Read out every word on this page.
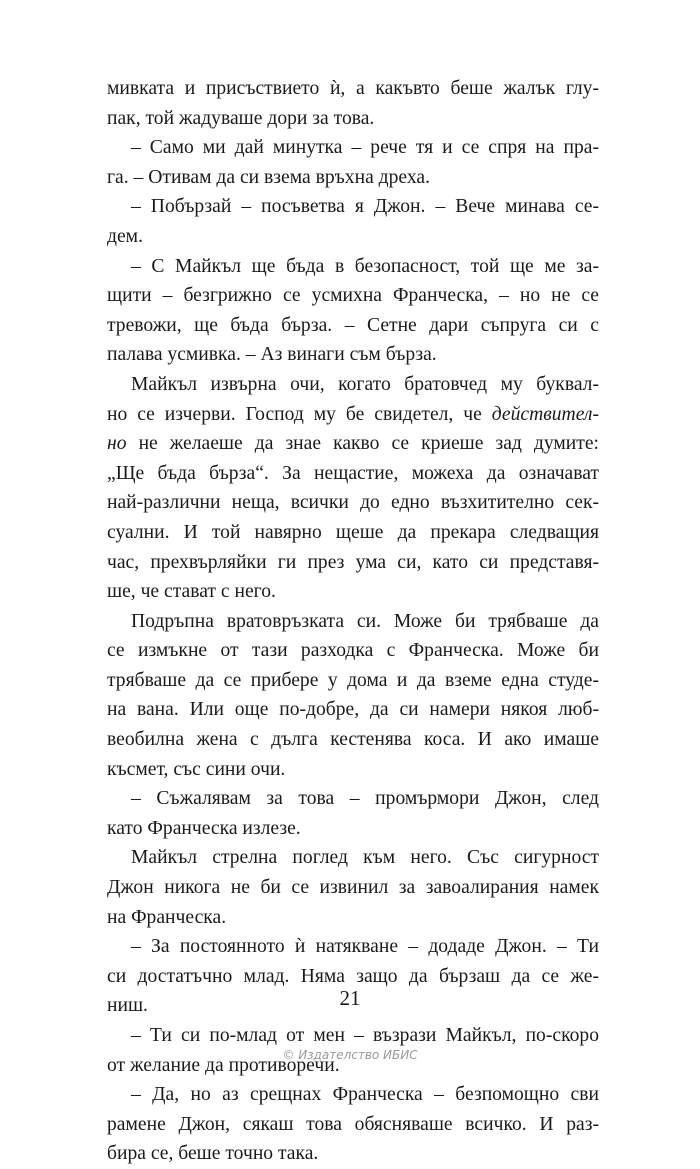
мивката и присъствието ѝ, а какъвто беше жалък глу-
пак, той жадуваше дори за това.
– Само ми дай минутка – рече тя и се спря на пра-
га. – Отивам да си взема връхна дреха.
– Побързай – посъветва я Джон. – Вече минава се-
дем.
– С Майкъл ще бъда в безопасност, той ще ме за-
щити – безгрижно се усмихна Франческа, – но не се
тревожи, ще бъда бърза. – Сетне дари съпруга си с
палава усмивка. – Аз винаги съм бърза.
Майкъл извърна очи, когато братовчед му буквал-
но се изчерви. Господ му бе свидетел, че действител-
но не желаеше да знае какво се криеше зад думите:
„Ще бъда бърза“. За нещастие, можеха да означават
най-различни неща, всички до едно възхитително сек-
суални. И той навярно щеше да прекара следващия
час, прехвърляйки ги през ума си, като си представя-
ше, че стават с него.
Подръпна вратовръзката си. Може би трябваше да
се измъкне от тази разходка с Франческа. Може би
трябваше да се прибере у дома и да вземе една студе-
на вана. Или още по-добре, да си намери някоя люб-
веобилна жена с дълга кестенява коса. И ако имаше
късмет, със сини очи.
– Съжалявам за това – промърмори Джон, след
като Франческа излезе.
Майкъл стрелна поглед към него. Със сигурност
Джон никога не би се извинил за завоалирания намек
на Франческа.
– За постоянното ѝ натякване – додаде Джон. – Ти
си достатъчно млад. Няма защо да бързаш да се же-
ниш.
– Ти си по-млад от мен – възрази Майкъл, по-скоро
от желание да противоречи.
– Да, но аз срещнах Франческа – безпомощно сви
рамене Джон, сякаш това обясняваше всичко. И раз-
бира се, беше точно така.
21
© Издателство ИБИС
